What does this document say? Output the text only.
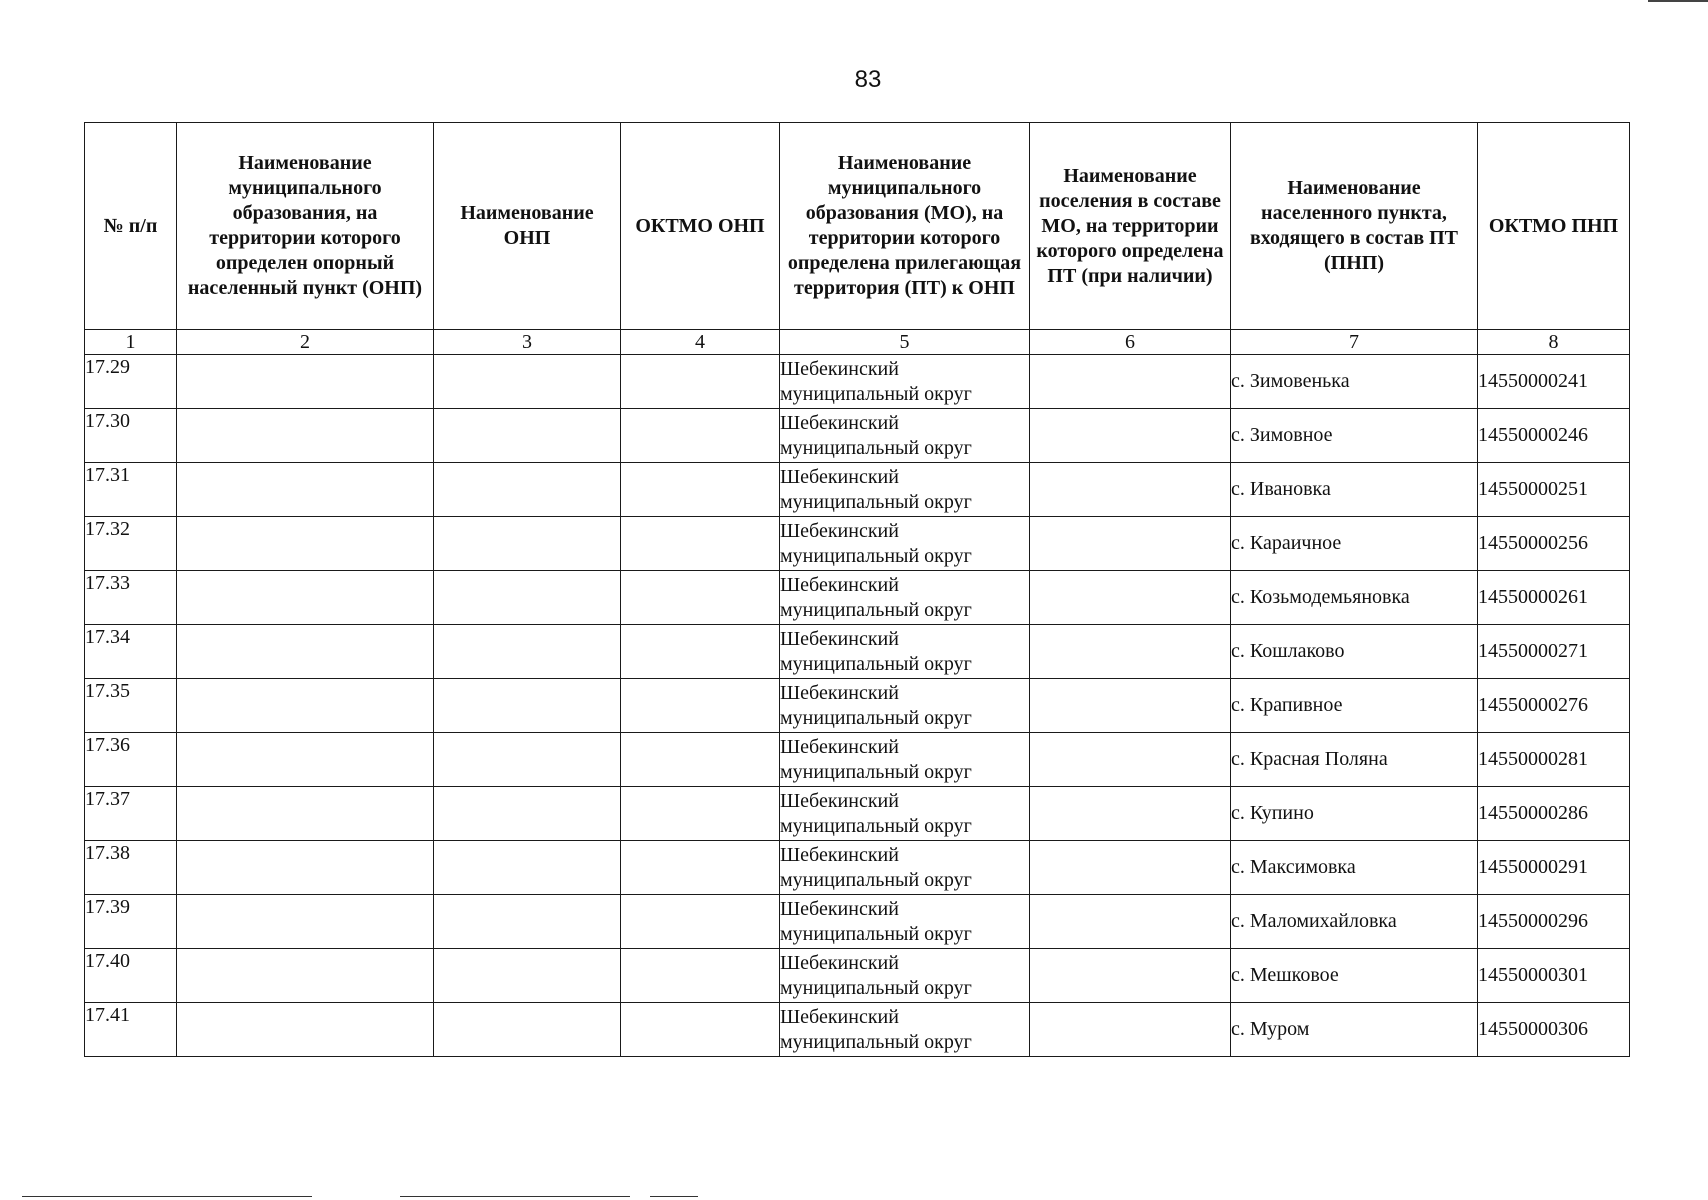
83
№ п/п	Наименование муниципального образования, на территории которого определен опорный населенный пункт (ОНП)	Наименование ОНП	ОКТМО ОНП	Наименование муниципального образования (МО), на территории которого определена прилегающая территория (ПТ) к ОНП	Наименование поселения в составе МО, на территории которого определена ПТ (при наличии)	Наименование населенного пункта, входящего в состав ПТ (ПНП)	ОКТМО ПНП
1	2	3	4	5	6	7	8
17.29				Шебекинский муниципальный округ		с. Зимовенька	14550000241
17.30				Шебекинский муниципальный округ		с. Зимовное	14550000246
17.31				Шебекинский муниципальный округ		с. Ивановка	14550000251
17.32				Шебекинский муниципальный округ		с. Караичное	14550000256
17.33				Шебекинский муниципальный округ		с. Козьмодемьяновка	14550000261
17.34				Шебекинский муниципальный округ		с. Кошлаково	14550000271
17.35				Шебекинский муниципальный округ		с. Крапивное	14550000276
17.36				Шебекинский муниципальный округ		с. Красная Поляна	14550000281
17.37				Шебекинский муниципальный округ		с. Купино	14550000286
17.38				Шебекинский муниципальный округ		с. Максимовка	14550000291
17.39				Шебекинский муниципальный округ		с. Маломихайловка	14550000296
17.40				Шебекинский муниципальный округ		с. Мешковое	14550000301
17.41				Шебекинский муниципальный округ		с. Муром	14550000306
